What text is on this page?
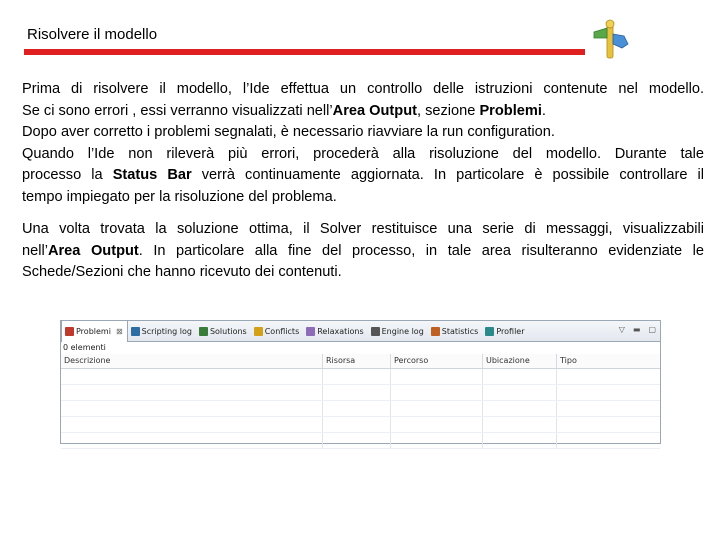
Risolvere il modello

Prima di risolvere il modello, l’Ide effettua un controllo delle istruzioni contenute nel modello.
Se ci sono errori , essi verranno visualizzati nell’Area Output, sezione Problemi.
Dopo aver corretto i problemi segnalati, è necessario riavviare la run configuration.
Quando l’Ide non rileverà più errori, procederà alla risoluzione del modello. Durante tale
processo la Status Bar verrà continuamente aggiornata. In particolare è possibile controllare il
tempo impiegato per la risoluzione del problema.

Una volta trovata la soluzione ottima, il Solver restituisce una serie di messaggi, visualizzabili
nell’Area Output. In particolare alla fine del processo, in tale area risulteranno evidenziate le
Schede/Sezioni che hanno ricevuto dei contenuti.

Problemi ⊠ Scripting log Solutions Conflicts Relaxations Engine log Statistics Profiler	▽ ▬ ▢
0 elementi
Descrizione	Risorsa	Percorso	Ubicazione	Tipo
